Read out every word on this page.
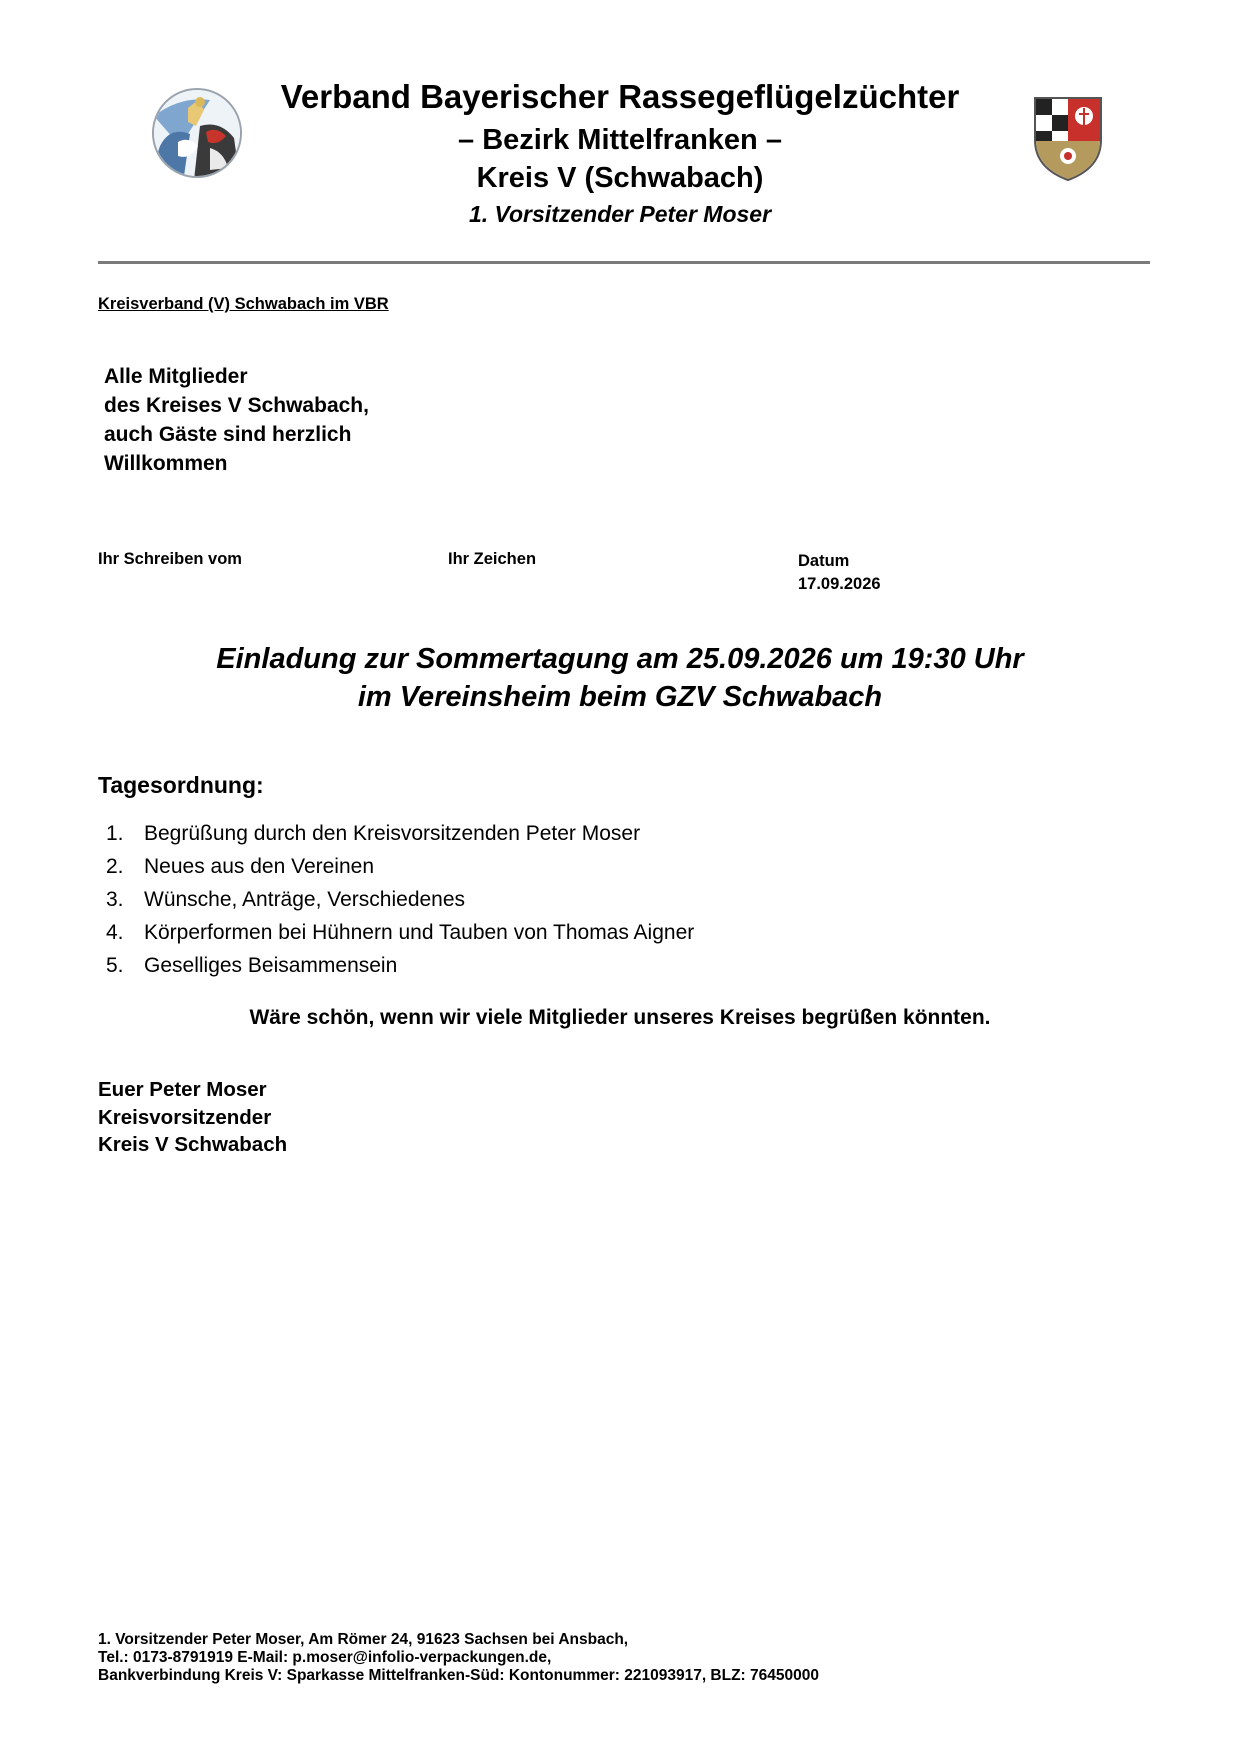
Verband Bayerischer Rassegeflügelzüchter
– Bezirk Mittelfranken –
Kreis V (Schwabach)
1. Vorsitzender Peter Moser
Kreisverband (V) Schwabach im VBR
Alle Mitglieder
des Kreises V Schwabach,
auch Gäste sind herzlich
Willkommen
Ihr Schreiben vom	Ihr Zeichen	Datum
17.09.2026
Einladung zur Sommertagung am 25.09.2026 um 19:30 Uhr
im Vereinsheim beim GZV Schwabach
Tagesordnung:
1. Begrüßung durch den Kreisvorsitzenden Peter Moser
2. Neues aus den Vereinen
3. Wünsche, Anträge, Verschiedenes
4. Körperformen bei Hühnern und Tauben von Thomas Aigner
5. Geselliges Beisammensein
Wäre schön, wenn wir viele Mitglieder unseres Kreises begrüßen könnten.
Euer Peter Moser
Kreisvorsitzender
Kreis V Schwabach
1. Vorsitzender Peter Moser, Am Römer 24, 91623 Sachsen bei Ansbach,
Tel.: 0173-8791919 E-Mail: p.moser@infolio-verpackungen.de,
Bankverbindung Kreis V: Sparkasse Mittelfranken-Süd: Kontonummer: 221093917, BLZ: 76450000
